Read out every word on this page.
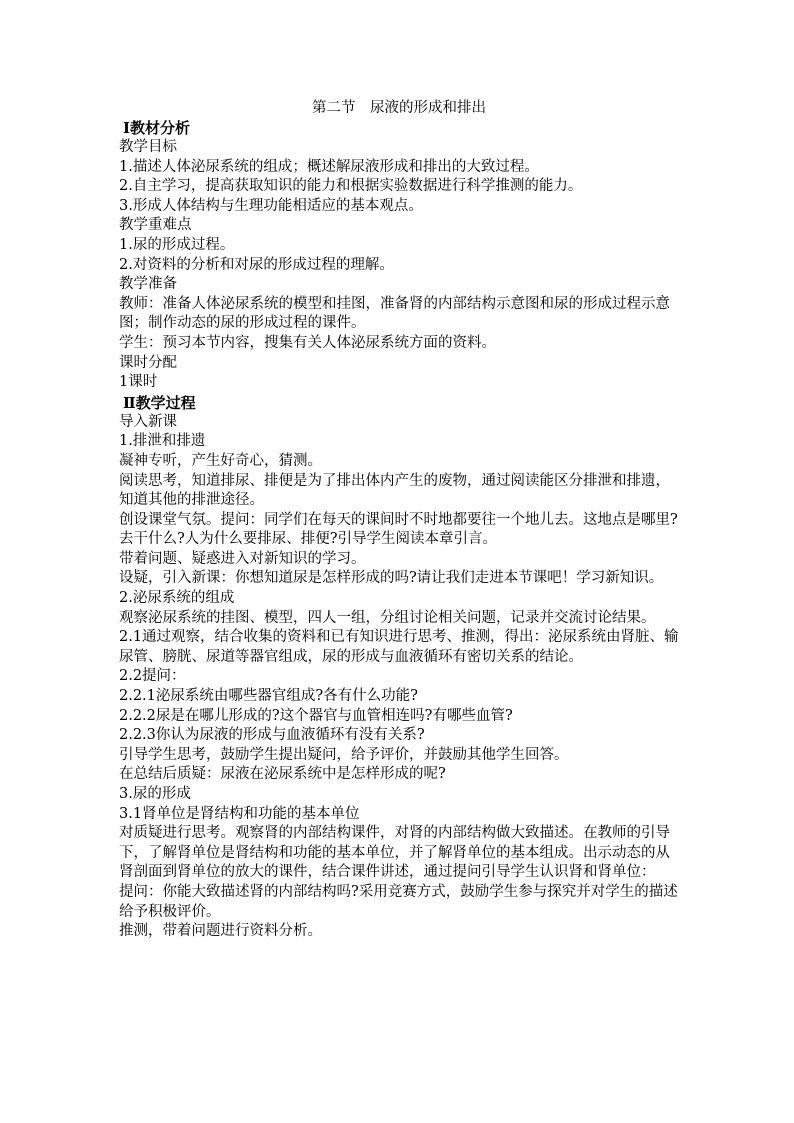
第二节　尿液的形成和排出
Ⅰ教材分析
教学目标
1.描述人体泌尿系统的组成；概述解尿液形成和排出的大致过程。
2.自主学习，提高获取知识的能力和根据实验数据进行科学推测的能力。
3.形成人体结构与生理功能相适应的基本观点。
教学重难点
1.尿的形成过程。
2.对资料的分析和对尿的形成过程的理解。
教学准备
教师：准备人体泌尿系统的模型和挂图，准备肾的内部结构示意图和尿的形成过程示意图；制作动态的尿的形成过程的课件。
学生：预习本节内容，搜集有关人体泌尿系统方面的资料。
课时分配
1课时
Ⅱ教学过程
导入新课
1.排泄和排遗
凝神专听，产生好奇心，猜测。
阅读思考，知道排尿、排便是为了排出体内产生的废物，通过阅读能区分排泄和排遗，知道其他的排泄途径。
创设课堂气氛。提问：同学们在每天的课间时不时地都要往一个地儿去。这地点是哪里?去干什么?人为什么要排尿、排便?引导学生阅读本章引言。
带着问题、疑惑进入对新知识的学习。
设疑，引入新课：你想知道尿是怎样形成的吗?请让我们走进本节课吧！学习新知识。
2.泌尿系统的组成
观察泌尿系统的挂图、模型，四人一组，分组讨论相关问题，记录并交流讨论结果。
2.1通过观察，结合收集的资料和已有知识进行思考、推测，得出：泌尿系统由肾脏、输尿管、膀胱、尿道等器官组成，尿的形成与血液循环有密切关系的结论。
2.2提问：
2.2.1泌尿系统由哪些器官组成?各有什么功能?
2.2.2尿是在哪儿形成的?这个器官与血管相连吗?有哪些血管?
2.2.3你认为尿液的形成与血液循环有没有关系?
引导学生思考，鼓励学生提出疑问，给予评价，并鼓励其他学生回答。
在总结后质疑：尿液在泌尿系统中是怎样形成的呢?
3.尿的形成
3.1肾单位是肾结构和功能的基本单位
对质疑进行思考。观察肾的内部结构课件，对肾的内部结构做大致描述。在教师的引导下，了解肾单位是肾结构和功能的基本单位，并了解肾单位的基本组成。出示动态的从肾剖面到肾单位的放大的课件，结合课件讲述，通过提问引导学生认识肾和肾单位：
提问：你能大致描述肾的内部结构吗?采用竞赛方式，鼓励学生参与探究并对学生的描述给予积极评价。
推测，带着问题进行资料分析。
